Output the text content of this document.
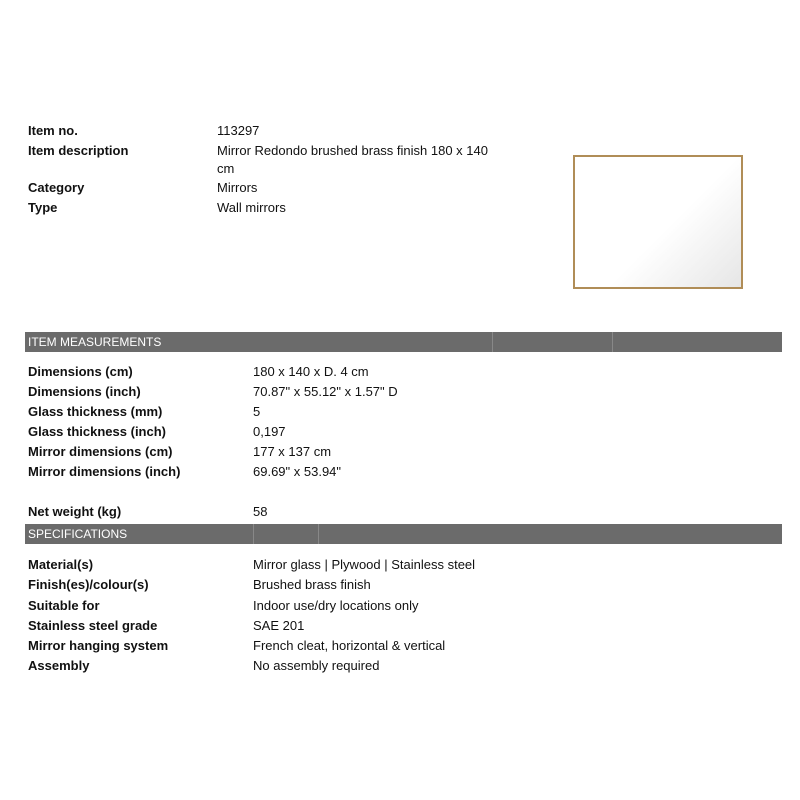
Item no.	113297
Item description	Mirror Redondo brushed brass finish 180 x 140
cm
Category	Mirrors
Type	Wall mirrors
ITEM MEASUREMENTS
Dimensions (cm)	180 x 140 x D. 4 cm
Dimensions (inch)	70.87" x 55.12" x 1.57" D
Glass thickness (mm)	5
Glass thickness (inch)	0,197
Mirror dimensions (cm)	177 x 137 cm
Mirror dimensions (inch)	69.69" x 53.94"
Net weight (kg)	58
SPECIFICATIONS
Material(s)	Mirror glass | Plywood | Stainless steel
Finish(es)/colour(s)	Brushed brass finish
Suitable for	Indoor use/dry locations only
Stainless steel grade	SAE 201
Mirror hanging system	French cleat, horizontal & vertical
Assembly	No assembly required
